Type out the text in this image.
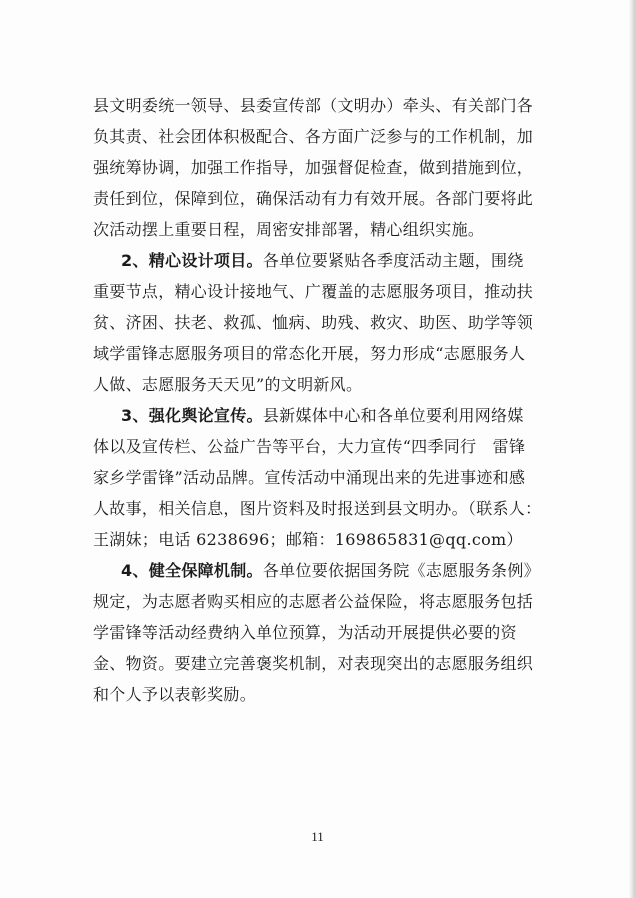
县文明委统一领导、县委宣传部（文明办）牵头、有关部门各
负其责、社会团体积极配合、各方面广泛参与的工作机制，加
强统筹协调，加强工作指导，加强督促检查，做到措施到位，
责任到位，保障到位，确保活动有力有效开展。各部门要将此
次活动摆上重要日程，周密安排部署，精心组织实施。
2、精心设计项目。各单位要紧贴各季度活动主题，围绕
重要节点，精心设计接地气、广覆盖的志愿服务项目，推动扶
贫、济困、扶老、救孤、恤病、助残、救灾、助医、助学等领
域学雷锋志愿服务项目的常态化开展，努力形成“志愿服务人
人做、志愿服务天天见”的文明新风。
3、强化舆论宣传。县新媒体中心和各单位要利用网络媒
体以及宣传栏、公益广告等平台，大力宣传“四季同行　雷锋
家乡学雷锋”活动品牌。宣传活动中涌现出来的先进事迹和感
人故事，相关信息，图片资料及时报送到县文明办。（联系人：
王湖妹；电话 6238696；邮箱：169865831@qq.com）
4、健全保障机制。各单位要依据国务院《志愿服务条例》
规定，为志愿者购买相应的志愿者公益保险，将志愿服务包括
学雷锋等活动经费纳入单位预算，为活动开展提供必要的资
金、物资。要建立完善褒奖机制，对表现突出的志愿服务组织
和个人予以表彰奖励。
11
